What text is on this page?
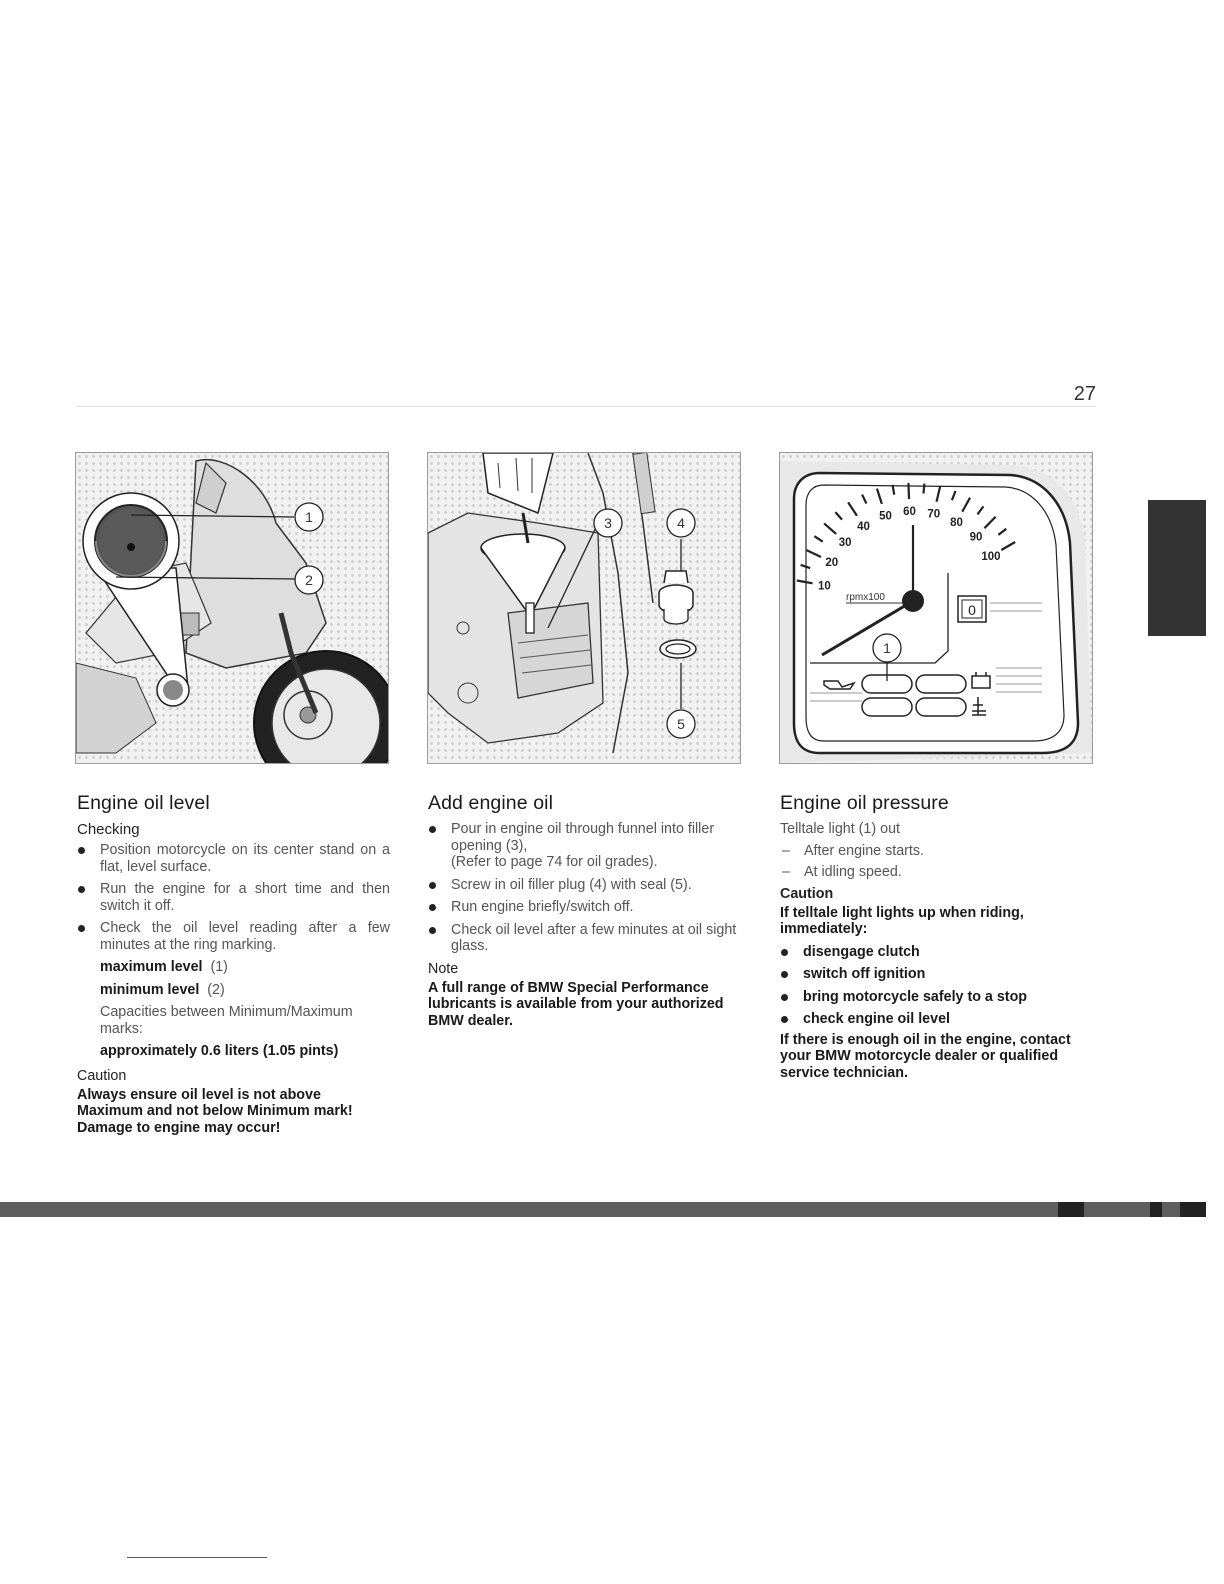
27
1
2
3	4
5
10
20
30
40
50 60 70
80
90
100
rpmx100
0
1
Engine oil level
Checking
Position motorcycle on its center stand on a flat, level surface.
Run the engine for a short time and then switch it off.
Check the oil level reading after a few minutes at the ring marking.

maximum level (1)

minimum level (2)

Capacities between Minimum/Maximum marks:

approximately 0.6 liters (1.05 pints)

Caution

Always ensure oil level is not above Maximum and not below Minimum mark! Damage to engine may occur!

Add engine oil
Pour in engine oil through funnel into filler opening (3),
(Refer to page 74 for oil grades).
Screw in oil filler plug (4) with seal (5).
Run engine briefly/switch off.
Check oil level after a few minutes at oil sight glass.
Note

A full range of BMW Special Performance lubricants is available from your authorized BMW dealer.

Engine oil pressure

Telltale light (1) out

– After engine starts.
– At idling speed.
Caution

If telltale light lights up when riding, immediately:

disengage clutch
switch off ignition
bring motorcycle safely to a stop
check engine oil level

If there is enough oil in the engine, contact your BMW motorcycle dealer or qualified service technician.
